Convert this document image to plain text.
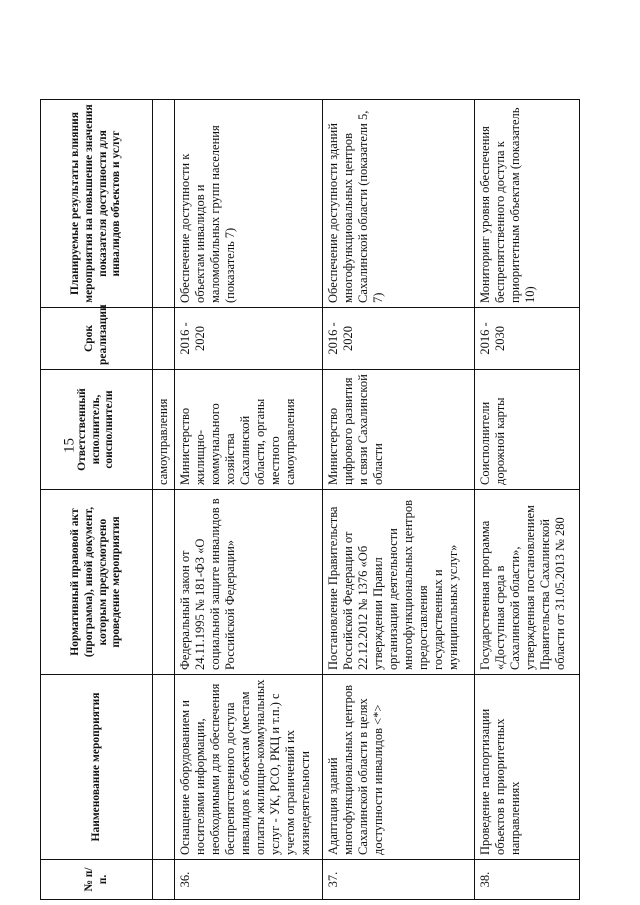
15
№ п/п.	Наименование мероприятия	Нормативный правовой акт (программа), иной документ, которым предусмотрено проведение мероприятия	Ответственный исполнитель, соисполнители	Срок реализации	Планируемые результаты влияния мероприятия на повышение значения показателя доступности для инвалидов объектов и услуг
			самоуправления		
36.	Оснащение оборудованием и носителями информации, необходимыми для обеспечения беспрепятственного доступа инвалидов к объектам (местам оплаты жилищно-коммунальных услуг - УК, РСО, РКЦ и т.п.) с учетом ограничений их жизнедеятельности	Федеральный закон от 24.11.1995 № 181-ФЗ «О социальной защите инвалидов в Российской Федерации»	Министерство жилищно-коммунального хозяйства Сахалинской области, органы местного самоуправления	2016 - 2020	Обеспечение доступности к объектам инвалидов и маломобильных групп населения (показатель 7)
37.	Адаптация зданий многофункциональных центров Сахалинской области в целях доступности инвалидов <*>	Постановление Правительства Российской Федерации от 22.12.2012 № 1376 «Об утверждении Правил организации деятельности многофункциональных центров предоставления государственных и муниципальных услуг»	Министерство цифрового развития и связи Сахалинской области	2016 - 2020	Обеспечение доступности зданий многофункциональных центров Сахалинской области (показатели 5, 7)
38.	Проведение паспортизации объектов в приоритетных направлениях	Государственная программа «Доступная среда в Сахалинской области», утвержденная постановлением Правительства Сахалинской области от 31.05.2013 № 280	Соисполнители дорожной карты	2016 - 2030	Мониторинг уровня обеспечения беспрепятственного доступа к приоритетным объектам (показатель 10)
